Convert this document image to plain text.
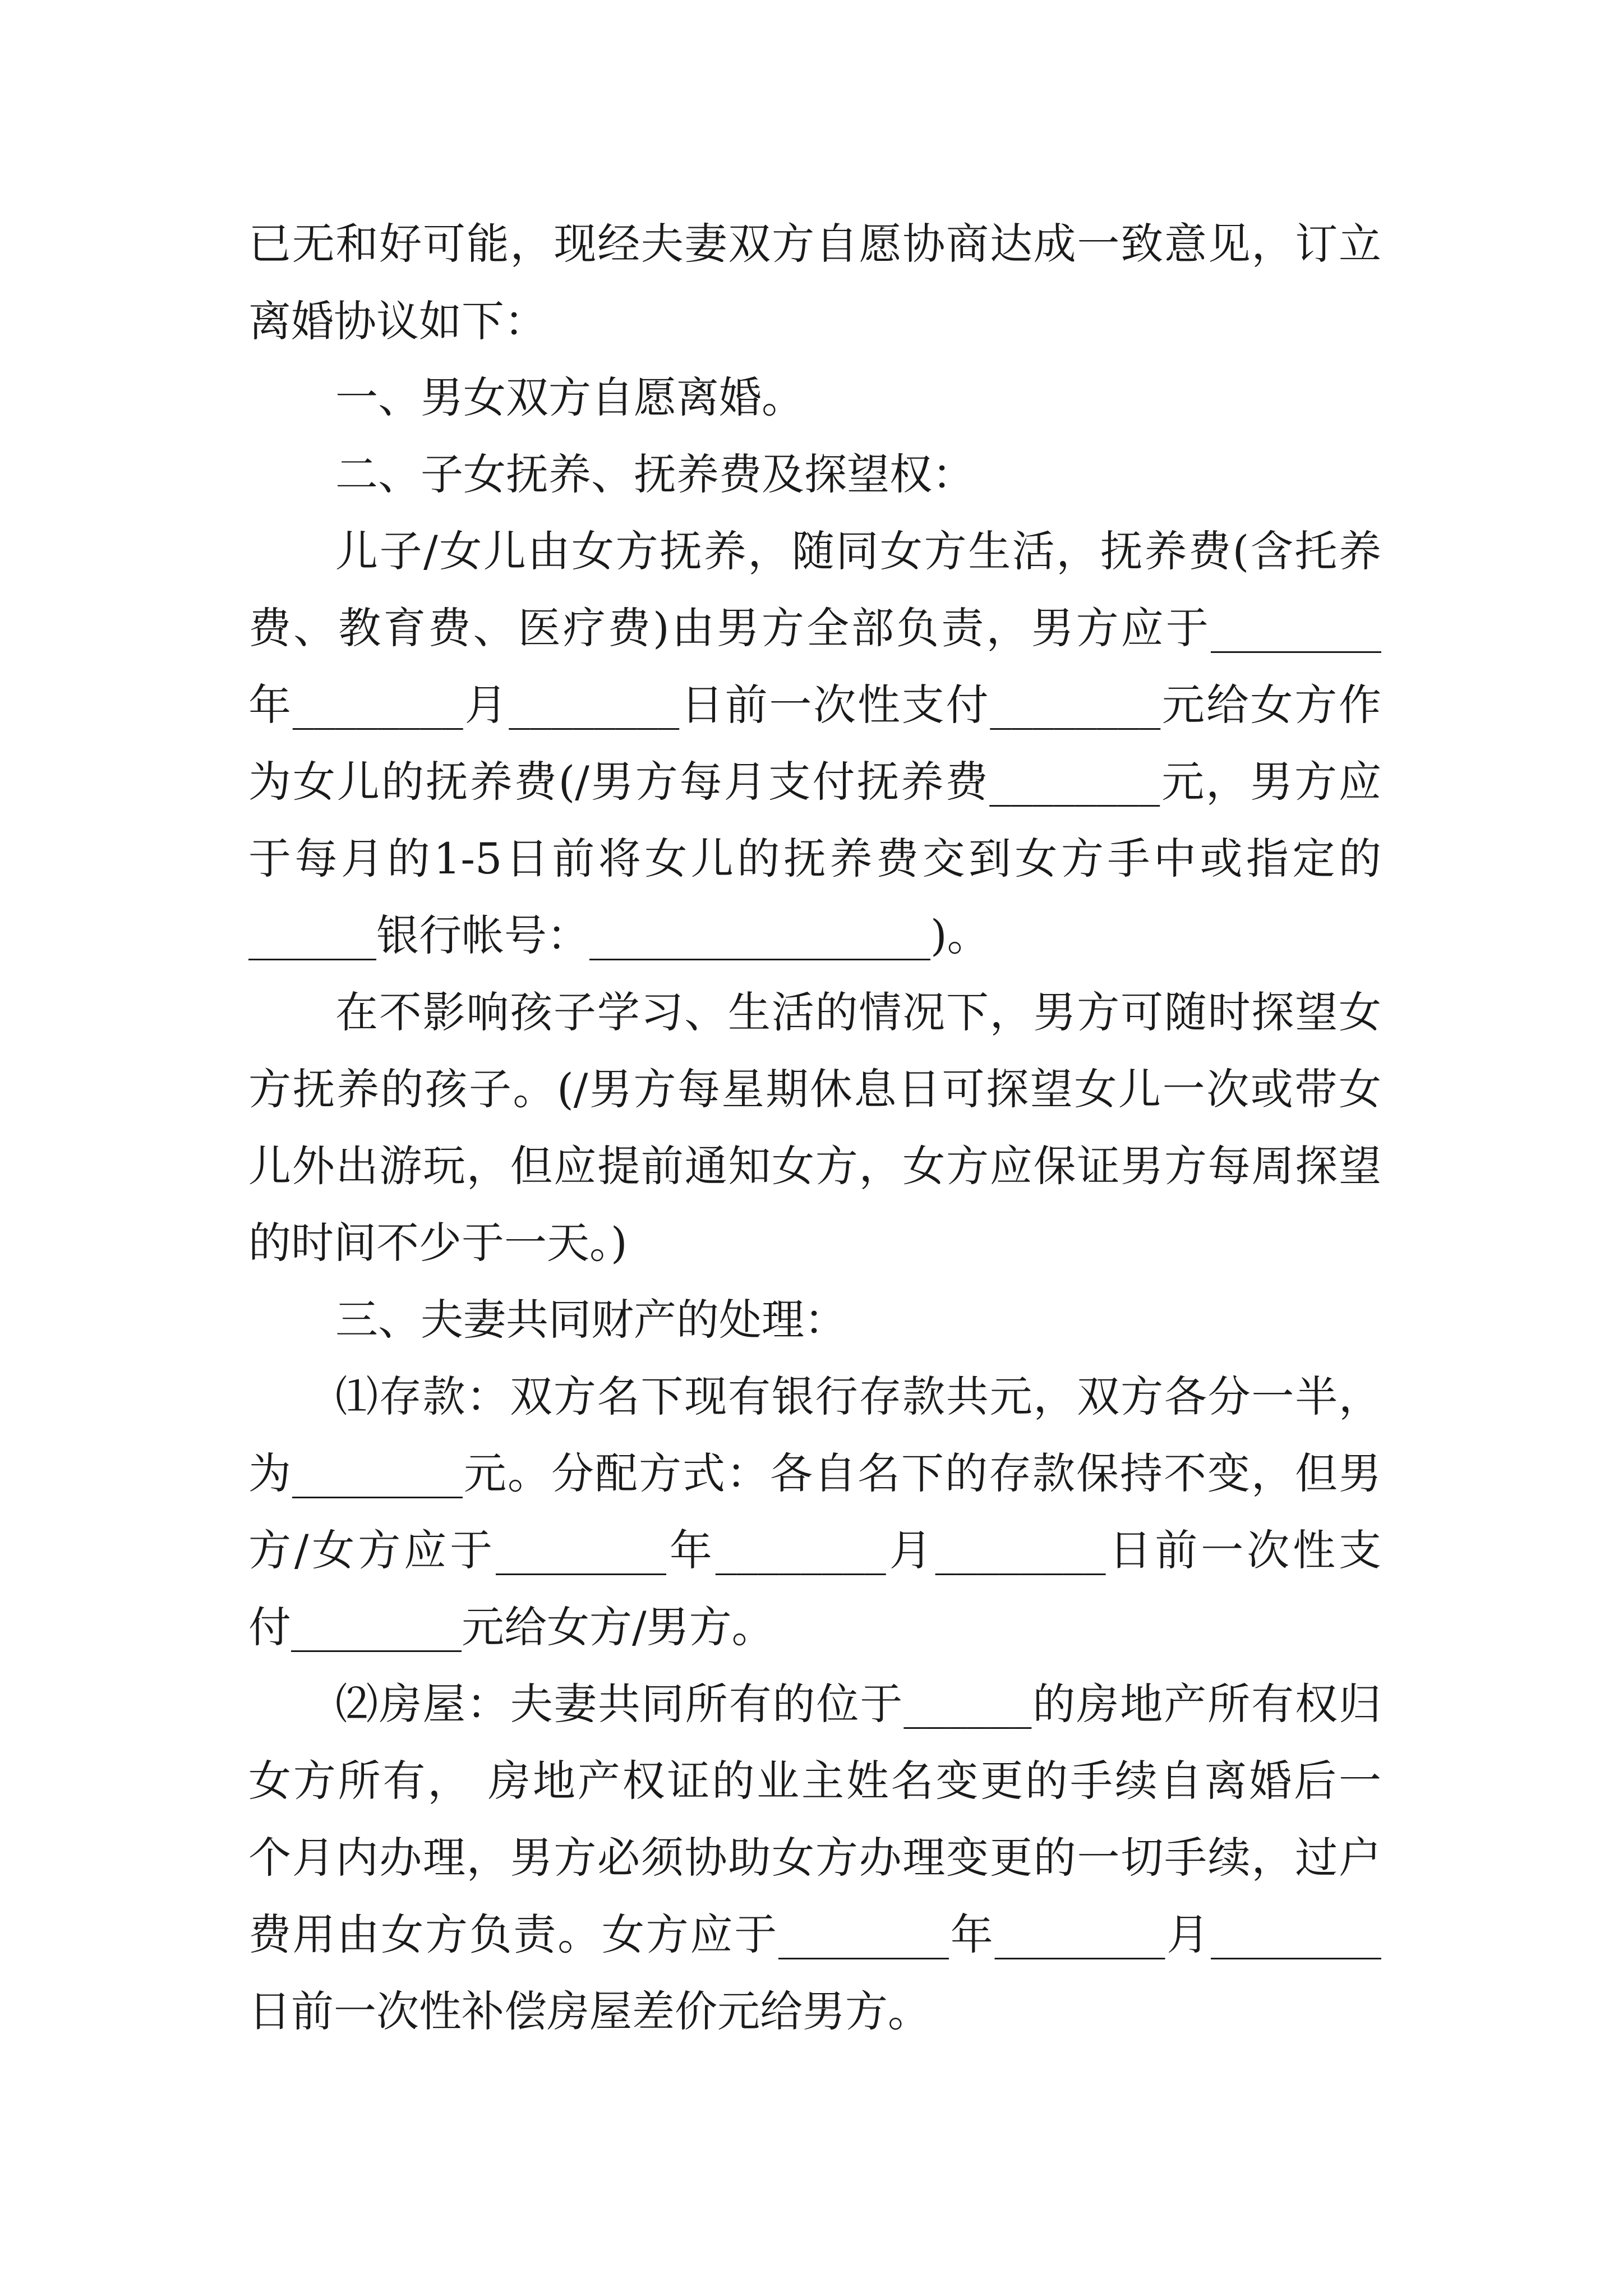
已无和好可能，现经夫妻双方自愿协商达成一致意见，订立
离婚协议如下：
一、男女双方自愿离婚。
二、子女抚养、抚养费及探望权：
儿子/女儿由女方抚养，随同女方生活，抚养费(含托养
费、教育费、医疗费)由男方全部负责，男方应于________
年________月________日前一次性支付________元给女方作
为女儿的抚养费(/男方每月支付抚养费________元，男方应
于每月的1-5日前将女儿的抚养费交到女方手中或指定的
______银行帐号：________________)。
在不影响孩子学习、生活的情况下，男方可随时探望女
方抚养的孩子。(/男方每星期休息日可探望女儿一次或带女
儿外出游玩，但应提前通知女方，女方应保证男方每周探望
的时间不少于一天。)
三、夫妻共同财产的处理：
⑴存款：双方名下现有银行存款共元，双方各分一半，
为________元。分配方式：各自名下的存款保持不变，但男
方/女方应于________年________月________日前一次性支
付________元给女方/男方。
⑵房屋：夫妻共同所有的位于______的房地产所有权归
女方所有， 房地产权证的业主姓名变更的手续自离婚后一
个月内办理，男方必须协助女方办理变更的一切手续，过户
费用由女方负责。女方应于________年________月________
日前一次性补偿房屋差价元给男方。
